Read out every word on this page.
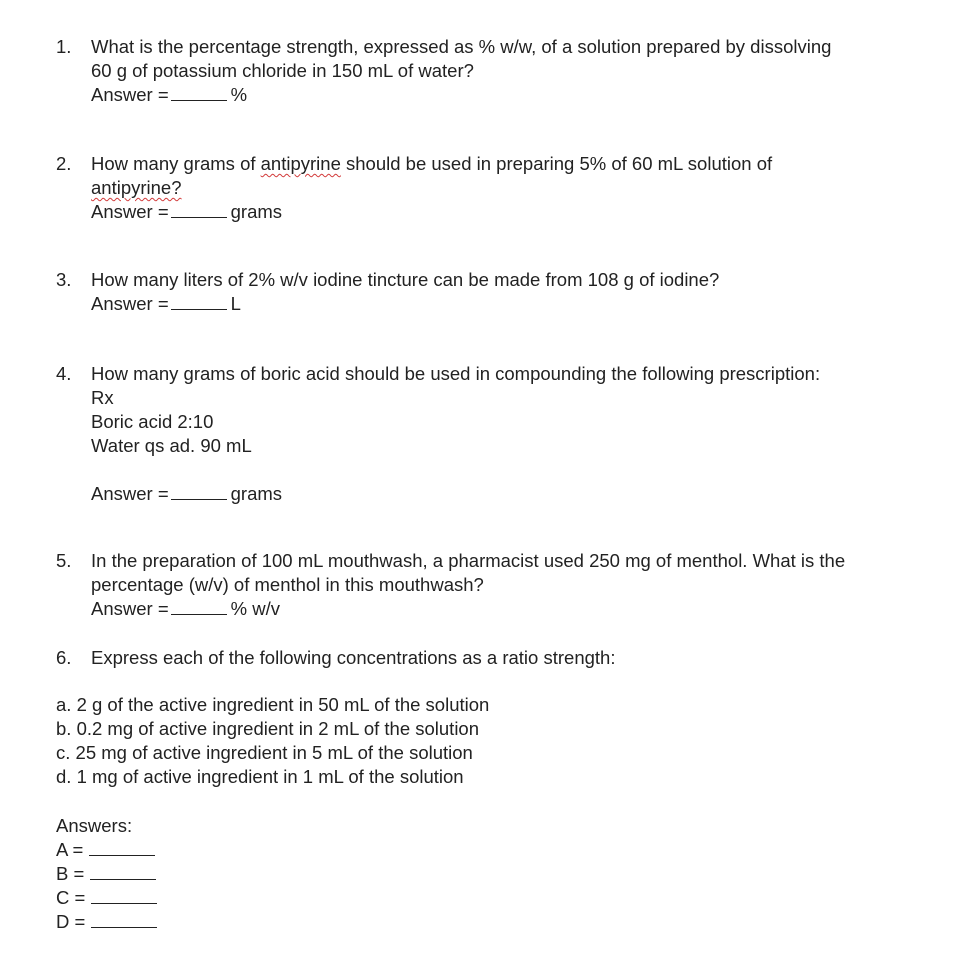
1.	What is the percentage strength, expressed as % w/w, of a solution prepared by dissolving
60 g of potassium chloride in 150 mL of water?
Answer =	%
2.	How many grams of antipyrine should be used in preparing 5% of 60 mL solution of
antipyrine?
Answer =	grams
3.	How many liters of 2% w/v iodine tincture can be made from 108 g of iodine?
Answer =	L
4.	How many grams of boric acid should be used in compounding the following prescription:
Rx
Boric acid 2:10
Water qs ad. 90 mL
Answer =	grams
5.	In the preparation of 100 mL mouthwash, a pharmacist used 250 mg of menthol. What is the
percentage (w/v) of menthol in this mouthwash?
Answer =	% w/v
6.	Express each of the following concentrations as a ratio strength:
a. 2 g of the active ingredient in 50 mL of the solution
b. 0.2 mg of active ingredient in 2 mL of the solution
c. 25 mg of active ingredient in 5 mL of the solution
d. 1 mg of active ingredient in 1 mL of the solution
Answers:
A =
B =
C =
D =
